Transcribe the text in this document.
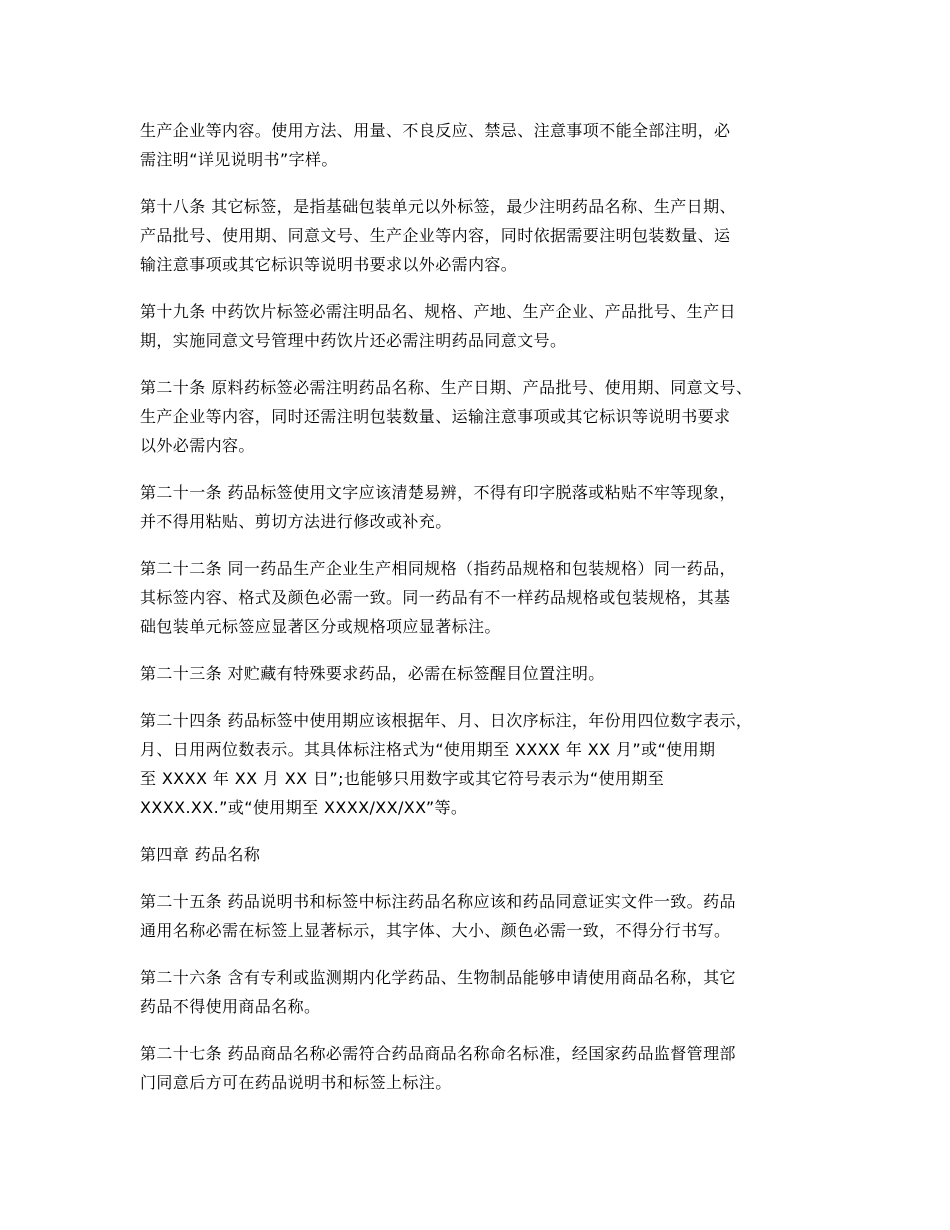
生产企业等内容。使用方法、用量、不良反应、禁忌、注意事项不能全部注明，必
需注明“详见说明书”字样。
第十八条 其它标签，是指基础包装单元以外标签，最少注明药品名称、生产日期、
产品批号、使用期、同意文号、生产企业等内容，同时依据需要注明包装数量、运
输注意事项或其它标识等说明书要求以外必需内容。
第十九条 中药饮片标签必需注明品名、规格、产地、生产企业、产品批号、生产日
期，实施同意文号管理中药饮片还必需注明药品同意文号。
第二十条 原料药标签必需注明药品名称、生产日期、产品批号、使用期、同意文号、
生产企业等内容，同时还需注明包装数量、运输注意事项或其它标识等说明书要求
以外必需内容。
第二十一条 药品标签使用文字应该清楚易辨，不得有印字脱落或粘贴不牢等现象，
并不得用粘贴、剪切方法进行修改或补充。
第二十二条 同一药品生产企业生产相同规格（指药品规格和包装规格）同一药品，
其标签内容、格式及颜色必需一致。同一药品有不一样药品规格或包装规格，其基
础包装单元标签应显著区分或规格项应显著标注。
第二十三条 对贮藏有特殊要求药品，必需在标签醒目位置注明。
第二十四条 药品标签中使用期应该根据年、月、日次序标注，年份用四位数字表示，
月、日用两位数表示。其具体标注格式为“使用期至 XXXX 年 XX 月”或“使用期
至 XXXX 年 XX 月 XX 日”;也能够只用数字或其它符号表示为“使用期至
XXXX.XX.”或“使用期至 XXXX/XX/XX”等。
第四章 药品名称
第二十五条 药品说明书和标签中标注药品名称应该和药品同意证实文件一致。药品
通用名称必需在标签上显著标示，其字体、大小、颜色必需一致，不得分行书写。
第二十六条 含有专利或监测期内化学药品、生物制品能够申请使用商品名称，其它
药品不得使用商品名称。
第二十七条 药品商品名称必需符合药品商品名称命名标准，经国家药品监督管理部
门同意后方可在药品说明书和标签上标注。
